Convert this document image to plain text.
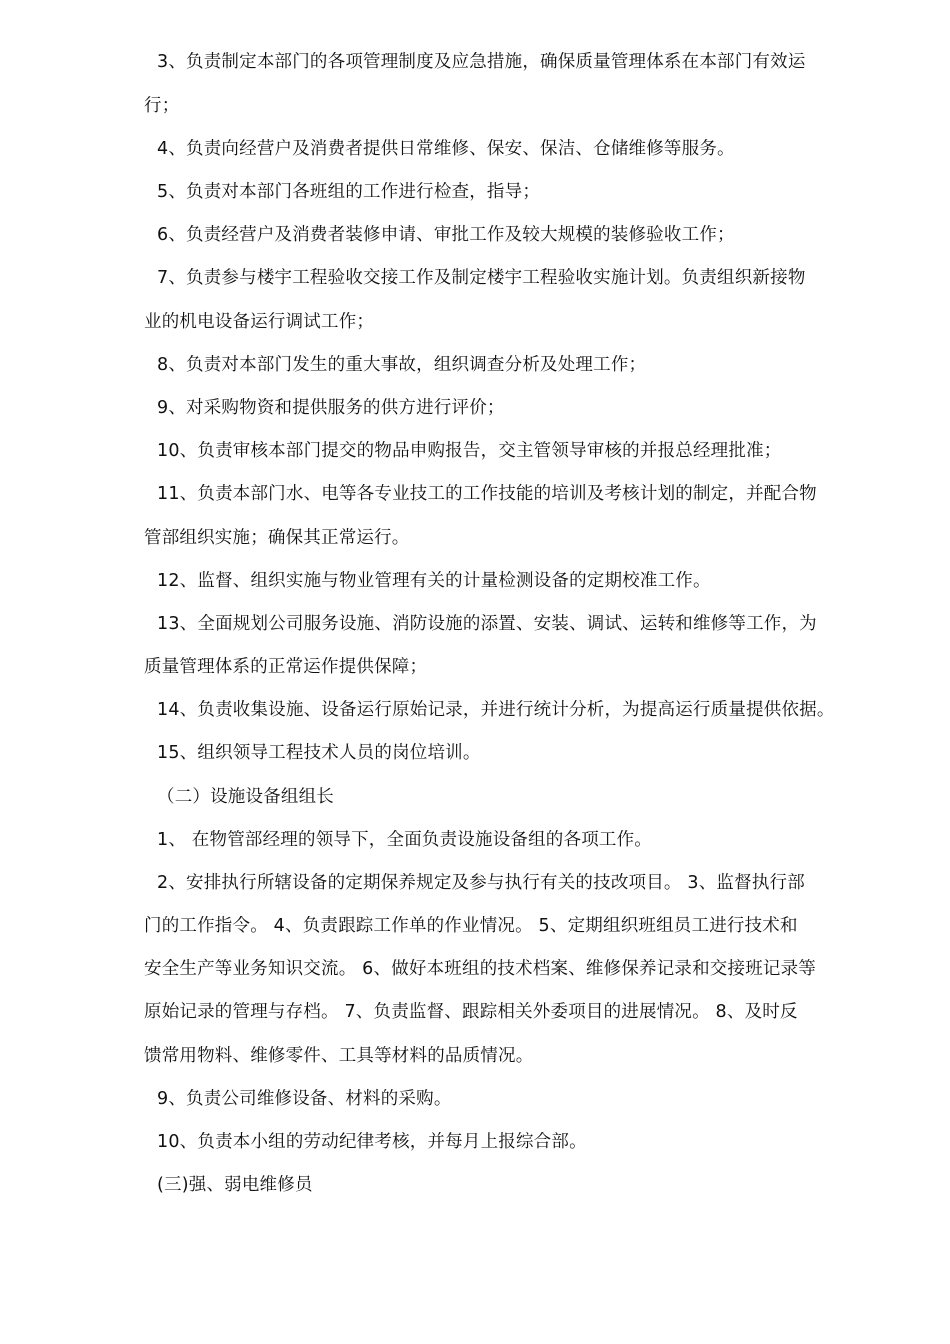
3、负责制定本部门的各项管理制度及应急措施，确保质量管理体系在本部门有效运
行；
4、负责向经营户及消费者提供日常维修、保安、保洁、仓储维修等服务。
5、负责对本部门各班组的工作进行检查，指导；
6、负责经营户及消费者装修申请、审批工作及较大规模的装修验收工作；
7、负责参与楼宇工程验收交接工作及制定楼宇工程验收实施计划。负责组织新接物
业的机电设备运行调试工作；
8、负责对本部门发生的重大事故，组织调查分析及处理工作；
9、对采购物资和提供服务的供方进行评价；
10、负责审核本部门提交的物品申购报告，交主管领导审核的并报总经理批准；
11、负责本部门水、电等各专业技工的工作技能的培训及考核计划的制定，并配合物
管部组织实施；确保其正常运行。
12、监督、组织实施与物业管理有关的计量检测设备的定期校准工作。
13、全面规划公司服务设施、消防设施的添置、安装、调试、运转和维修等工作，为
质量管理体系的正常运作提供保障；
14、负责收集设施、设备运行原始记录，并进行统计分析，为提高运行质量提供依据。
15、组织领导工程技术人员的岗位培训。
（二）设施设备组组长
1、 在物管部经理的领导下，全面负责设施设备组的各项工作。
2、安排执行所辖设备的定期保养规定及参与执行有关的技改项目。 3、监督执行部
门的工作指令。 4、负责跟踪工作单的作业情况。 5、定期组织班组员工进行技术和
安全生产等业务知识交流。 6、做好本班组的技术档案、维修保养记录和交接班记录等
原始记录的管理与存档。 7、负责监督、跟踪相关外委项目的进展情况。 8、及时反
馈常用物料、维修零件、工具等材料的品质情况。
9、负责公司维修设备、材料的采购。
10、负责本小组的劳动纪律考核，并每月上报综合部。
(三)强、弱电维修员
